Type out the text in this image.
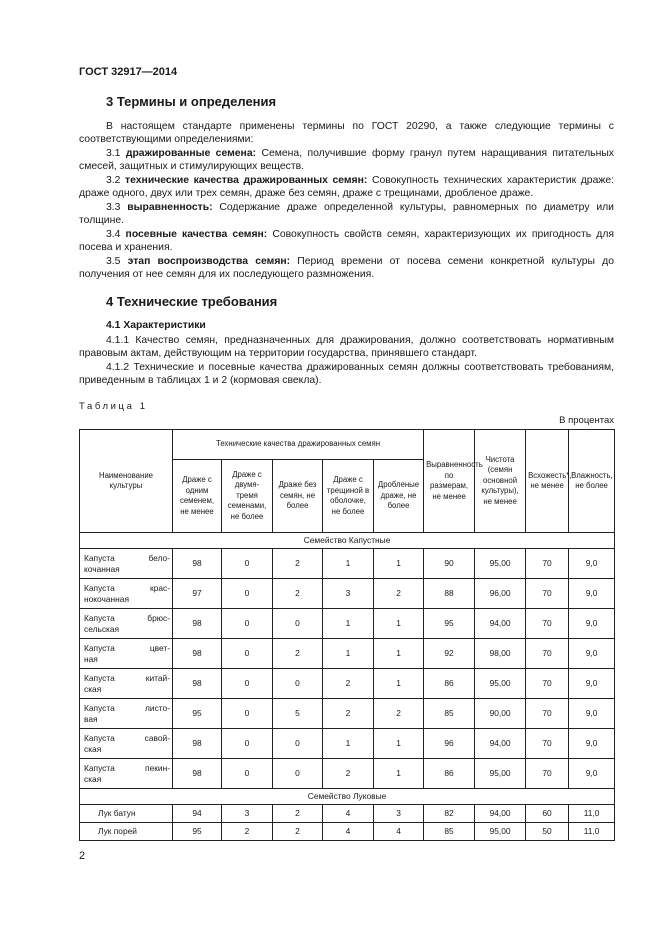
ГОСТ 32917—2014
3 Термины и определения
В настоящем стандарте применены термины по ГОСТ 20290, а также следующие термины с соответствующими определениями:
3.1 дражированные семена: Семена, получившие форму гранул путем наращивания питательных смесей, защитных и стимулирующих веществ.
3.2 технические качества дражированных семян: Совокупность технических характеристик драже: драже одного, двух или трех семян, драже без семян, драже с трещинами, дробленое драже.
3.3 выравненность: Содержание драже определенной культуры, равномерных по диаметру или толщине.
3.4 посевные качества семян: Совокупность свойств семян, характеризующих их пригодность для посева и хранения.
3.5 этап воспроизводства семян: Период времени от посева семени конкретной культуры до получения от нее семян для их последующего размножения.
4 Технические требования
4.1 Характеристики
4.1.1 Качество семян, предназначенных для дражирования, должно соответствовать нормативным правовым актам, действующим на территории государства, принявшего стандарт.
4.1.2 Технические и посевные качества дражированных семян должны соответствовать требованиям, приведенным в таблицах 1 и 2 (кормовая свекла).
Таблица 1
В процентах
Наименование культуры	Технические качества дражированных семян					Выравненность по размерам, не менее	Чистота (семян основной культуры), не менее	Всхожесть*, не менее	Влажность, не более
	Драже с одним семенем, не менее	Драже с двумя-тремя семенами, не более	Драже без семян, не более	Драже с трещиной в оболочке, не более	Дробленые драже, не более				
Семейство Капустные									

Капуста бело-
кочанная	98	0	2	1	1	90	95,00	70	9,0

Капуста крас-
нокочанная	97	0	2	3	2	88	96,00	70	9,0

Капуста брюс-
сельская	98	0	0	1	1	95	94,00	70	9,0

Капуста цвет-
ная	98	0	2	1	1	92	98,00	70	9,0

Капуста китай-
ская	98	0	0	2	1	86	95,00	70	9,0

Капуста листо-
вая	95	0	5	2	2	85	90,00	70	9,0

Капуста савой-
ская	98	0	0	1	1	96	94,00	70	9,0

Капуста пекин-
ская	98	0	0	2	1	86	95,00	70	9,0
Семейство Луковые									
Лук батун	94	3	2	4	3	82	94,00	60	11,0
Лук порей	95	2	2	4	4	85	95,00	50	11,0
2
